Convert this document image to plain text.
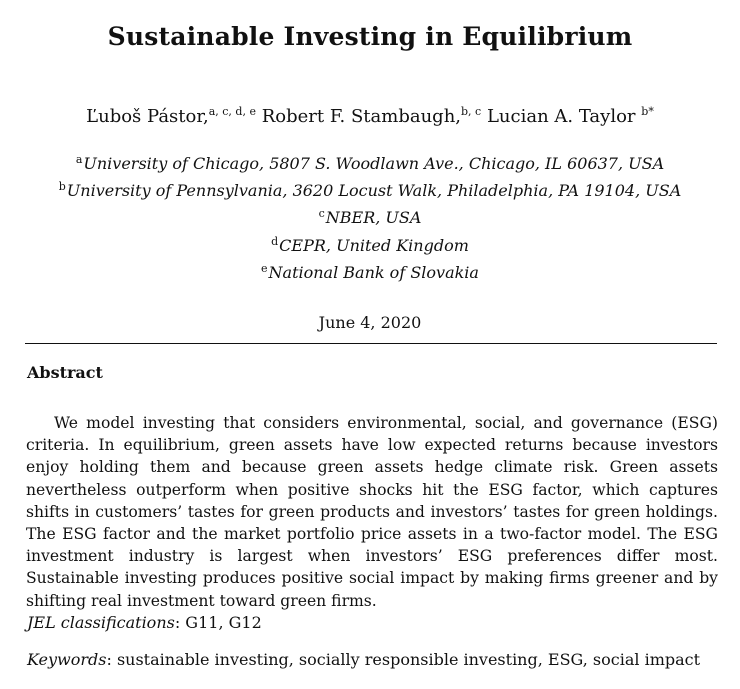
Sustainable Investing in Equilibrium
Ľuboš Pástor,$^{a, c, d, e}$ Robert F. Stambaugh,$^{b, c}$ Lucian A. Taylor $^{b*}$
$^a$University of Chicago, 5807 S. Woodlawn Ave., Chicago, IL 60637, USA
$^b$University of Pennsylvania, 3620 Locust Walk, Philadelphia, PA 19104, USA
$^c$NBER, USA
$^d$CEPR, United Kingdom
$^e$National Bank of Slovakia
June 4, 2020
Abstract
We model investing that considers environmental, social, and governance (ESG) criteria. In equilibrium, green assets have low expected returns because investors enjoy holding them and because green assets hedge climate risk. Green assets nevertheless outperform when positive shocks hit the ESG factor, which captures shifts in customers’ tastes for green products and investors’ tastes for green holdings. The ESG factor and the market portfolio price assets in a two-factor model. The ESG investment industry is largest when investors’ ESG preferences differ most. Sustainable investing produces positive social impact by making firms greener and by shifting real investment toward green firms.
JEL classifications: G11, G12
Keywords: sustainable investing, socially responsible investing, ESG, social impact
